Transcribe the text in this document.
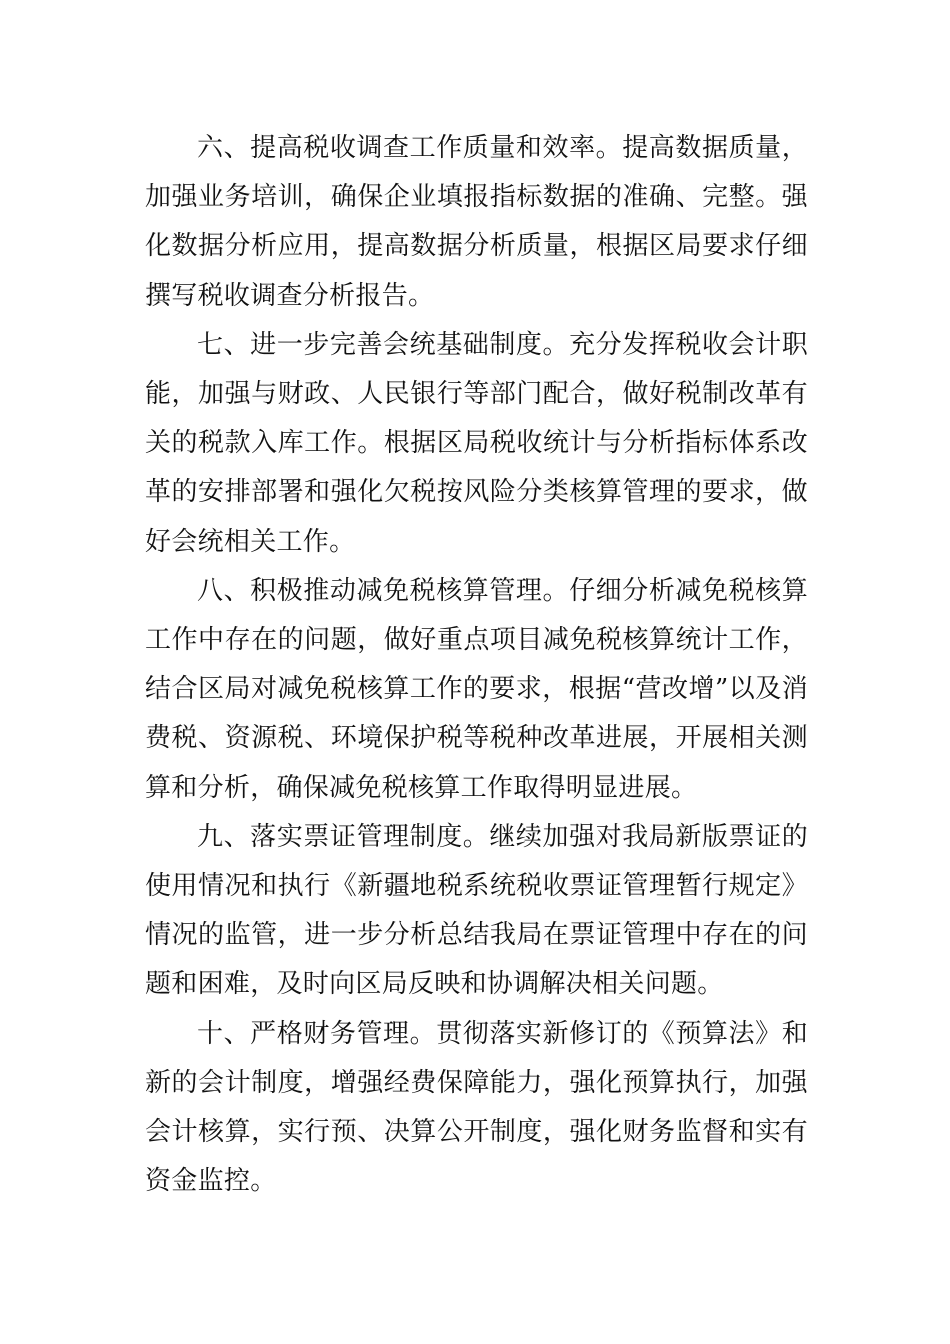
六、提高税收调查工作质量和效率。提高数据质量，加强业务培训，确保企业填报指标数据的准确、完整。强化数据分析应用，提高数据分析质量，根据区局要求仔细撰写税收调查分析报告。

七、进一步完善会统基础制度。充分发挥税收会计职能，加强与财政、人民银行等部门配合，做好税制改革有关的税款入库工作。根据区局税收统计与分析指标体系改革的安排部署和强化欠税按风险分类核算管理的要求，做好会统相关工作。

八、积极推动减免税核算管理。仔细分析减免税核算工作中存在的问题，做好重点项目减免税核算统计工作，结合区局对减免税核算工作的要求，根据“营改增”以及消费税、资源税、环境保护税等税种改革进展，开展相关测算和分析，确保减免税核算工作取得明显进展。

九、落实票证管理制度。继续加强对我局新版票证的使用情况和执行《新疆地税系统税收票证管理暂行规定》情况的监管，进一步分析总结我局在票证管理中存在的问题和困难，及时向区局反映和协调解决相关问题。

十、严格财务管理。贯彻落实新修订的《预算法》和新的会计制度，增强经费保障能力，强化预算执行，加强会计核算，实行预、决算公开制度，强化财务监督和实有资金监控。
